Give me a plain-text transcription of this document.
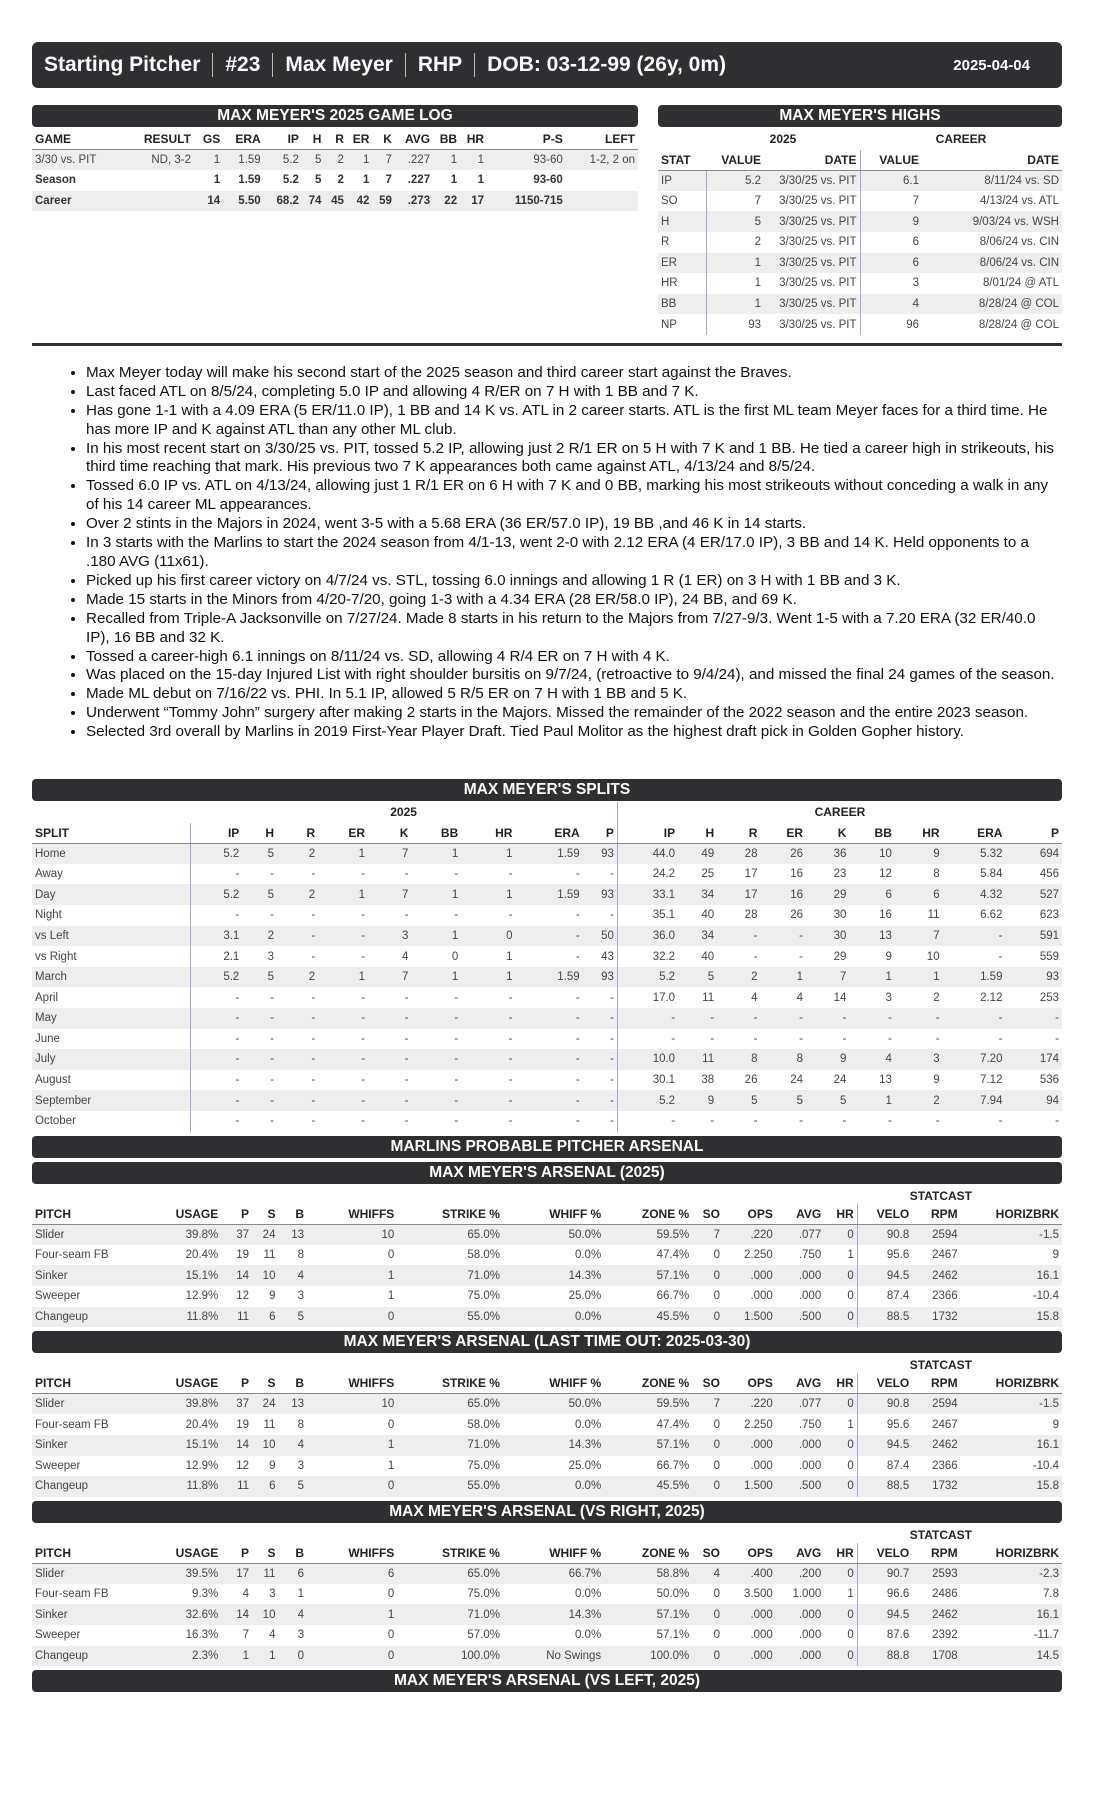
Starting Pitcher #23 Max Meyer RHP DOB: 03-12-99 (26y, 0m)	2025-04-04
MAX MEYER'S 2025 GAME LOG
GAME	RESULT	GS	ERA	IP	H	R	ER	K	AVG	BB	HR	P-S	LEFT
3/30 vs. PIT	ND, 3-2	1	1.59	5.2	5	2	1	7	.227	1	1	93-60	1-2, 2 on
Season		1	1.59	5.2	5	2	1	7	.227	1	1	93-60	
Career		14	5.50	68.2	74	45	42	59	.273	22	17	1150-715	
MAX MEYER'S HIGHS
	2025		CAREER	
STAT	VALUE	DATE	VALUE	DATE
IP	5.2	3/30/25 vs. PIT	6.1	8/11/24 vs. SD
SO	7	3/30/25 vs. PIT	7	4/13/24 vs. ATL
H	5	3/30/25 vs. PIT	9	9/03/24 vs. WSH
R	2	3/30/25 vs. PIT	6	8/06/24 vs. CIN
ER	1	3/30/25 vs. PIT	6	8/06/24 vs. CIN
HR	1	3/30/25 vs. PIT	3	8/01/24 @ ATL
BB	1	3/30/25 vs. PIT	4	8/28/24 @ COL
NP	93	3/30/25 vs. PIT	96	8/28/24 @ COL
• Max Meyer today will make his second start of the 2025 season and third career start against the Braves.
• Last faced ATL on 8/5/24, completing 5.0 IP and allowing 4 R/ER on 7 H with 1 BB and 7 K.
• Has gone 1-1 with a 4.09 ERA (5 ER/11.0 IP), 1 BB and 14 K vs. ATL in 2 career starts. ATL is the first ML team Meyer faces for a third time. He has more IP and K against ATL than any other ML club.
• In his most recent start on 3/30/25 vs. PIT, tossed 5.2 IP, allowing just 2 R/1 ER on 5 H with 7 K and 1 BB. He tied a career high in strikeouts, his third time reaching that mark. His previous two 7 K appearances both came against ATL, 4/13/24 and 8/5/24.
• Tossed 6.0 IP vs. ATL on 4/13/24, allowing just 1 R/1 ER on 6 H with 7 K and 0 BB, marking his most strikeouts without conceding a walk in any of his 14 career ML appearances.
• Over 2 stints in the Majors in 2024, went 3-5 with a 5.68 ERA (36 ER/57.0 IP), 19 BB ,and 46 K in 14 starts.
• In 3 starts with the Marlins to start the 2024 season from 4/1-13, went 2-0 with 2.12 ERA (4 ER/17.0 IP), 3 BB and 14 K. Held opponents to a .180 AVG (11x61).
• Picked up his first career victory on 4/7/24 vs. STL, tossing 6.0 innings and allowing 1 R (1 ER) on 3 H with 1 BB and 3 K.
• Made 15 starts in the Minors from 4/20-7/20, going 1-3 with a 4.34 ERA (28 ER/58.0 IP), 24 BB, and 69 K.
• Recalled from Triple-A Jacksonville on 7/27/24. Made 8 starts in his return to the Majors from 7/27-9/3. Went 1-5 with a 7.20 ERA (32 ER/40.0 IP), 16 BB and 32 K.
• Tossed a career-high 6.1 innings on 8/11/24 vs. SD, allowing 4 R/4 ER on 7 H with 4 K.
• Was placed on the 15-day Injured List with right shoulder bursitis on 9/7/24, (retroactive to 9/4/24), and missed the final 24 games of the season.
• Made ML debut on 7/16/22 vs. PHI. In 5.1 IP, allowed 5 R/5 ER on 7 H with 1 BB and 5 K.
• Underwent “Tommy John” surgery after making 2 starts in the Majors. Missed the remainder of the 2022 season and the entire 2023 season.
• Selected 3rd overall by Marlins in 2019 First-Year Player Draft. Tied Paul Molitor as the highest draft pick in Golden Gopher history.
MAX MEYER'S SPLITS
	2025									CAREER								
SPLIT	IP	H	R	ER	K	BB	HR	ERA	P	IP	H	R	ER	K	BB	HR	ERA	P
Home	5.2	5	2	1	7	1	1	1.59	93	44.0	49	28	26	36	10	9	5.32	694
Away	-	-	-	-	-	-	-	-	-	24.2	25	17	16	23	12	8	5.84	456
Day	5.2	5	2	1	7	1	1	1.59	93	33.1	34	17	16	29	6	6	4.32	527
Night	-	-	-	-	-	-	-	-	-	35.1	40	28	26	30	16	11	6.62	623
vs Left	3.1	2	-	-	3	1	0	-	50	36.0	34	-	-	30	13	7	-	591
vs Right	2.1	3	-	-	4	0	1	-	43	32.2	40	-	-	29	9	10	-	559
March	5.2	5	2	1	7	1	1	1.59	93	5.2	5	2	1	7	1	1	1.59	93
April	-	-	-	-	-	-	-	-	-	17.0	11	4	4	14	3	2	2.12	253
May	-	-	-	-	-	-	-	-	-	-	-	-	-	-	-	-	-	-
June	-	-	-	-	-	-	-	-	-	-	-	-	-	-	-	-	-	-
July	-	-	-	-	-	-	-	-	-	10.0	11	8	8	9	4	3	7.20	174
August	-	-	-	-	-	-	-	-	-	30.1	38	26	24	24	13	9	7.12	536
September	-	-	-	-	-	-	-	-	-	5.2	9	5	5	5	1	2	7.94	94
October	-	-	-	-	-	-	-	-	-	-	-	-	-	-	-	-	-	-
MARLINS PROBABLE PITCHER ARSENAL
MAX MEYER'S ARSENAL (2025)
STATCAST
PITCH	USAGE	P	S	B	WHIFFS	STRIKE %	WHIFF %	ZONE %	SO	OPS	AVG	HR	VELO	RPM	HORIZBRK
Slider	39.8%	37	24	13	10	65.0%	50.0%	59.5%	7	.220	.077	0	90.8	2594	-1.5
Four-seam FB	20.4%	19	11	8	0	58.0%	0.0%	47.4%	0	2.250	.750	1	95.6	2467	9
Sinker	15.1%	14	10	4	1	71.0%	14.3%	57.1%	0	.000	.000	0	94.5	2462	16.1
Sweeper	12.9%	12	9	3	1	75.0%	25.0%	66.7%	0	.000	.000	0	87.4	2366	-10.4
Changeup	11.8%	11	6	5	0	55.0%	0.0%	45.5%	0	1.500	.500	0	88.5	1732	15.8
MAX MEYER'S ARSENAL (LAST TIME OUT: 2025-03-30)
STATCAST
PITCH	USAGE	P	S	B	WHIFFS	STRIKE %	WHIFF %	ZONE %	SO	OPS	AVG	HR	VELO	RPM	HORIZBRK
Slider	39.8%	37	24	13	10	65.0%	50.0%	59.5%	7	.220	.077	0	90.8	2594	-1.5
Four-seam FB	20.4%	19	11	8	0	58.0%	0.0%	47.4%	0	2.250	.750	1	95.6	2467	9
Sinker	15.1%	14	10	4	1	71.0%	14.3%	57.1%	0	.000	.000	0	94.5	2462	16.1
Sweeper	12.9%	12	9	3	1	75.0%	25.0%	66.7%	0	.000	.000	0	87.4	2366	-10.4
Changeup	11.8%	11	6	5	0	55.0%	0.0%	45.5%	0	1.500	.500	0	88.5	1732	15.8
MAX MEYER'S ARSENAL (VS RIGHT, 2025)
STATCAST
PITCH	USAGE	P	S	B	WHIFFS	STRIKE %	WHIFF %	ZONE %	SO	OPS	AVG	HR	VELO	RPM	HORIZBRK
Slider	39.5%	17	11	6	6	65.0%	66.7%	58.8%	4	.400	.200	0	90.7	2593	-2.3
Four-seam FB	9.3%	4	3	1	0	75.0%	0.0%	50.0%	0	3.500	1.000	1	96.6	2486	7.8
Sinker	32.6%	14	10	4	1	71.0%	14.3%	57.1%	0	.000	.000	0	94.5	2462	16.1
Sweeper	16.3%	7	4	3	0	57.0%	0.0%	57.1%	0	.000	.000	0	87.6	2392	-11.7
Changeup	2.3%	1	1	0	0	100.0%	No Swings	100.0%	0	.000	.000	0	88.8	1708	14.5
MAX MEYER'S ARSENAL (VS LEFT, 2025)
